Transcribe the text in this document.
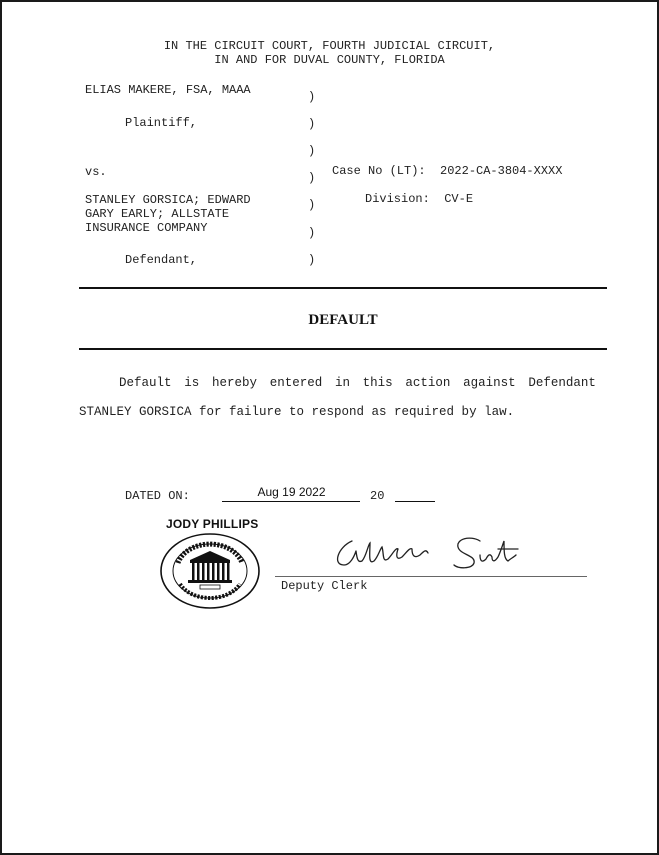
IN THE CIRCUIT COURT, FOURTH JUDICIAL CIRCUIT,
IN AND FOR DUVAL COUNTY, FLORIDA
ELIAS MAKERE, FSA, MAAA
Plaintiff,
vs.
STANLEY GORSICA; EDWARD
GARY EARLY; ALLSTATE
INSURANCE COMPANY
Defendant,
)
)
)
)
)
)
)
Case No (LT):  2022-CA-3804-XXXX
Division:  CV-E
DEFAULT
Default is hereby entered in this action against Defendant
STANLEY GORSICA for failure to respond as required by law.
DATED ON:	Aug 19 2022	20
JODY PHILLIPS
Deputy Clerk
